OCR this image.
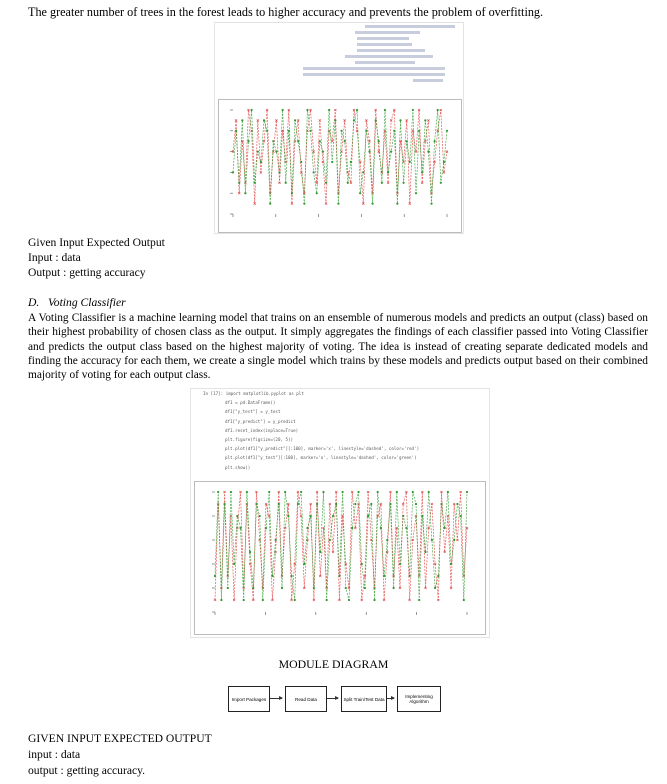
The greater number of trees in the forest leads to higher accuracy and prevents the problem of overfitting.
Given Input Expected Output
Input : data
Output : getting accuracy
D. Voting Classifier
A Voting Classifier is a machine learning model that trains on an ensemble of numerous models and predicts an output (class) based on their highest probability of chosen class as the output. It simply aggregates the findings of each classifier passed into Voting Classifier and predicts the output class based on the highest majority of voting. The idea is instead of creating separate dedicated models and finding the accuracy for each them, we create a single model which trains by these models and predicts output based on their combined majority of voting for each output class.
In [17]: import matplotlib.pyplot as plt
df1 = pd.DataFrame()
df1["y_test"] = y_test
df1["y_predict"] = y_predict
df1.reset_index(inplace=True)
plt.figure(figsize=(20, 5))
plt.plot(df1["y_predict"][:100], marker='x', linestyle='dashed', color='red')
plt.plot(df1["y_test"][:100], marker='o', linestyle='dashed', color='green')
plt.show()
MODULE DIAGRAM
Import Packages	Read Data	Split Train/Test Data	Implementing Algorithm
GIVEN INPUT EXPECTED OUTPUT
input : data
output : getting accuracy.
